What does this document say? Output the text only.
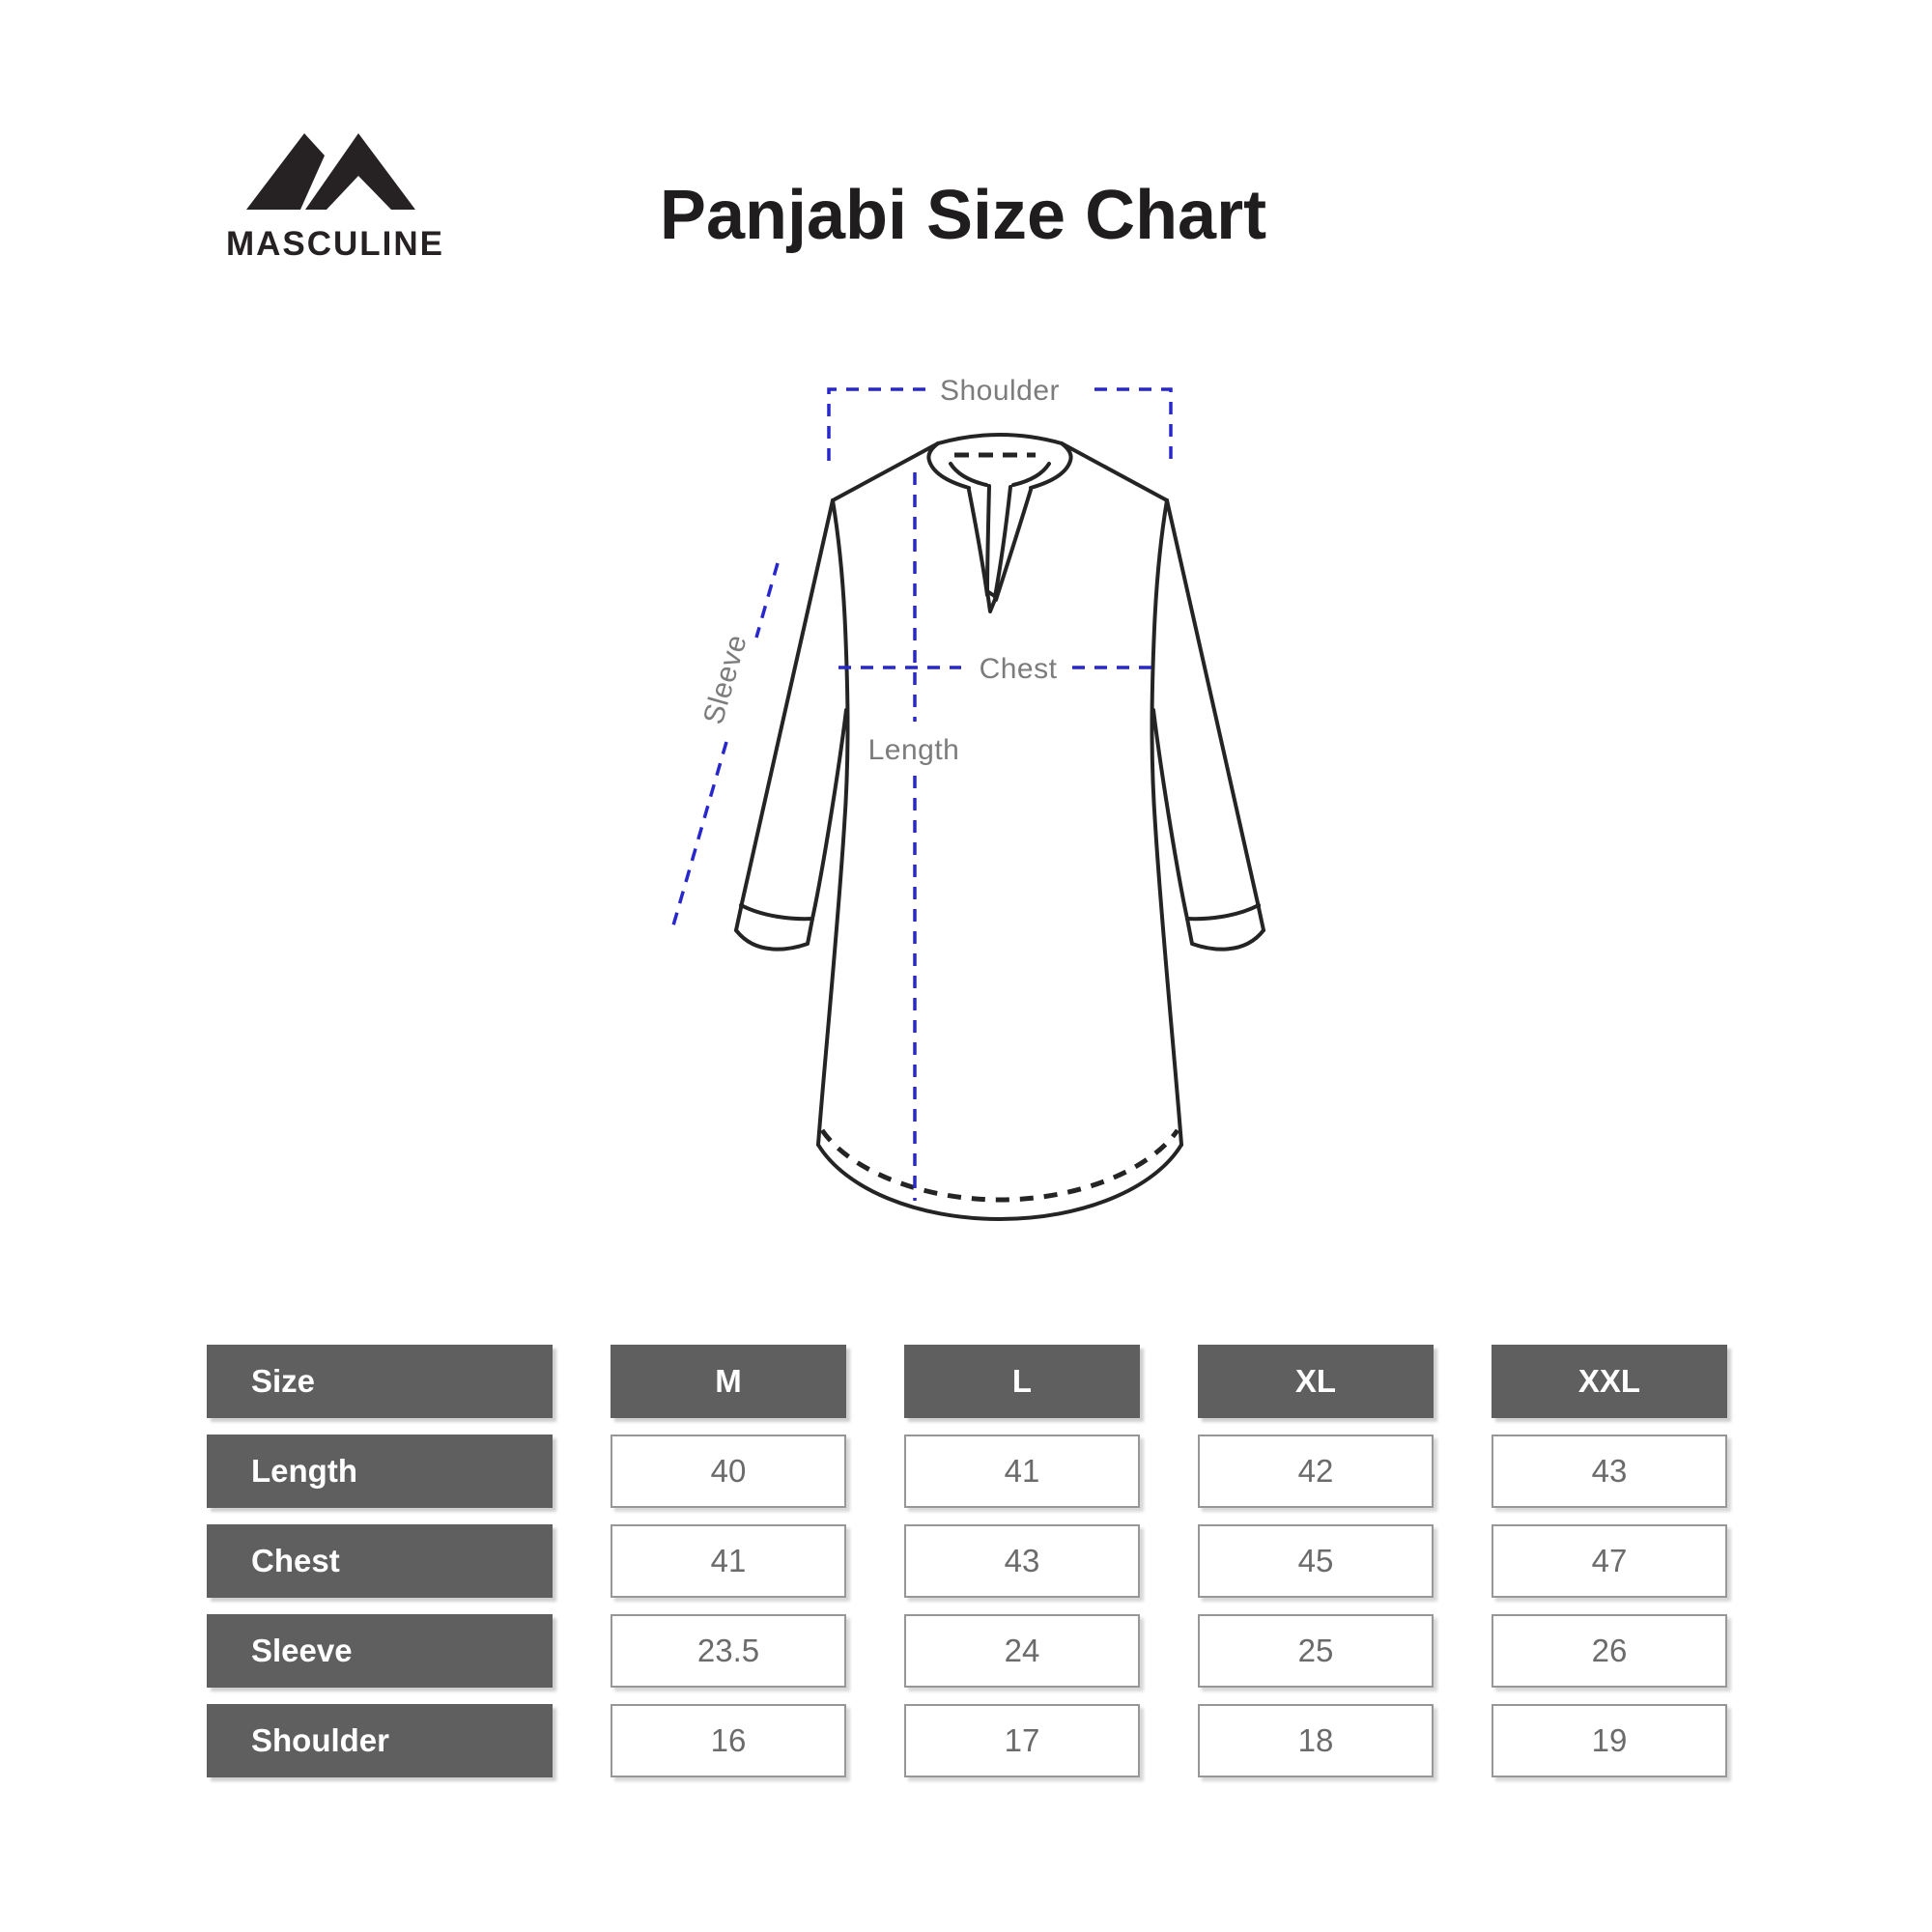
MASCULINE	Panjabi Size Chart
Shoulder
Chest
Length
Sleeve
Size	M	L	XL	XXL
Length	40	41	42	43
Chest	41	43	45	47
Sleeve	23.5	24	25	26
Shoulder	16	17	18	19
